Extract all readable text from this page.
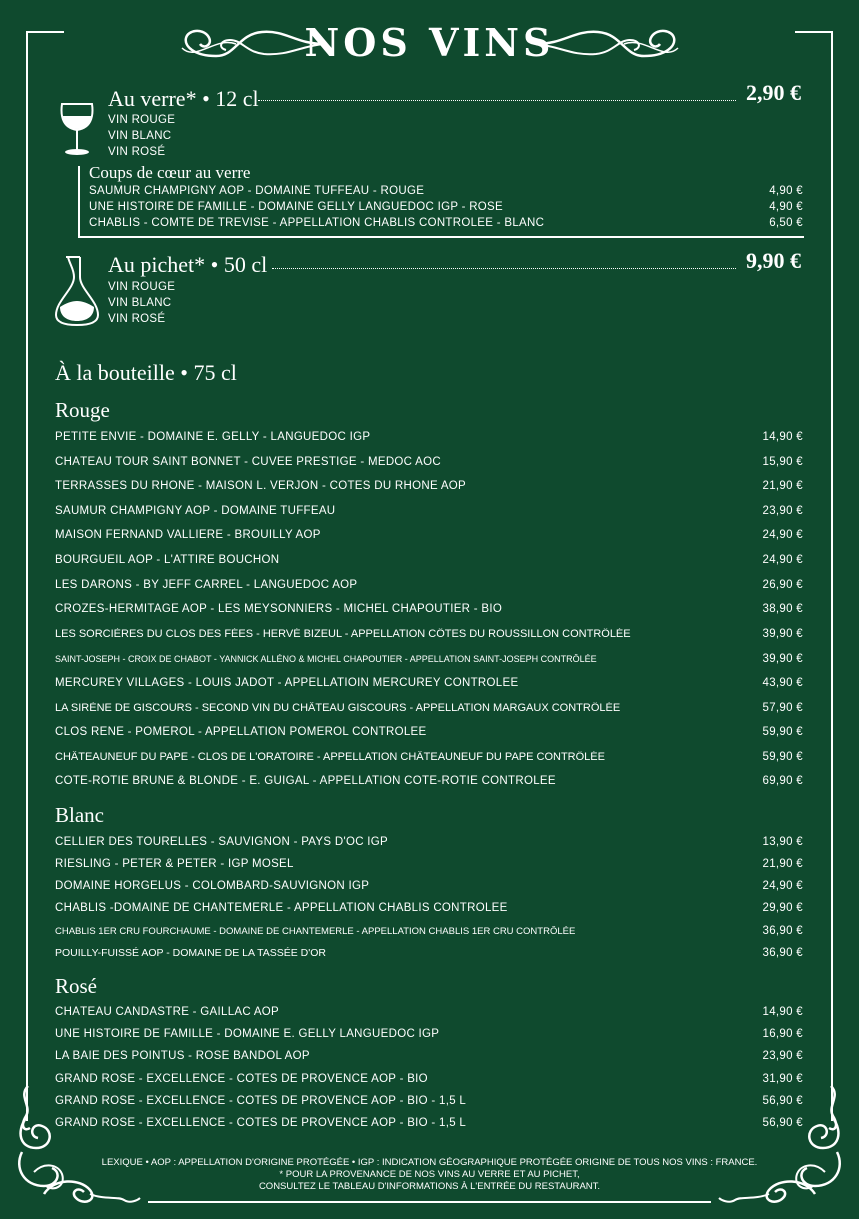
NOS VINS
Au verre* • 12 cl	2,90 €
VIN ROUGE
VIN BLANC
VIN ROSÉ
Coups de cœur au verre
SAUMUR CHAMPIGNY AOP - DOMAINE TUFFEAU - ROUGE	4,90 €
UNE HISTOIRE DE FAMILLE - DOMAINE GELLY LANGUEDOC IGP - ROSÉ	4,90 €
CHABLIS - COMTE DE TRÉVISE - APPELLATION CHABLIS CONTRÔLÉE - BLANC	6,50 €
Au pichet* • 50 cl	9,90 €
VIN ROUGE
VIN BLANC
VIN ROSÉ
À la bouteille • 75 cl
Rouge
PETITE ENVIE - DOMAINE É. GELLY - LANGUEDOC IGP	14,90 €
CHÂTEAU TOUR SAINT BONNET - CUVÉE PRESTIGE - MÉDOC AOC	15,90 €
TERRASSES DU RHÔNE - MAISON L. VERJON - CÔTES DU RHÔNE AOP	21,90 €
SAUMUR CHAMPIGNY AOP - DOMAINE TUFFEAU	23,90 €
MAISON FERNAND VALLIÈRE - BROUILLY AOP	24,90 €
BOURGUEIL AOP - L'ATTIRE BOUCHON	24,90 €
LES DARONS - BY JEFF CARREL - LANGUEDOC AOP	26,90 €
CROZES-HERMITAGE AOP - LES MEYSONNIERS - MICHEL CHAPOUTIER - BIO	38,90 €
LES SORCIÈRES DU CLOS DES FÉES - HERVÉ BIZEUL - APPELLATION CÔTES DU ROUSSILLON CONTRÔLÉE	39,90 €
SAINT-JOSEPH - CROIX DE CHABOT - YANNICK ALLÉNO & MICHEL CHAPOUTIER - APPELLATION SAINT-JOSEPH CONTRÔLÉE	39,90 €
MERCUREY VILLAGES - LOUIS JADOT - APPELLATIOIN MERCUREY CONTRÔLÉE	43,90 €
LA SIRÈNE DE GISCOURS - SECOND VIN DU CHÂTEAU GISCOURS - APPELLATION MARGAUX CONTRÔLÉE	57,90 €
CLOS RENÉ - POMEROL - APPELLATION POMEROL CONTRÔLÉE	59,90 €
CHÂTEAUNEUF DU PAPE - CLOS DE L'ORATOIRE - APPELLATION CHÂTEAUNEUF DU PAPE CONTRÔLÉE	59,90 €
CÔTE-RÔTIE BRUNE & BLONDE - E. GUIGAL - APPELLATION CÔTE-RÔTIE CONTRÔLÉE	69,90 €
Blanc
CELLIER DES TOURELLES - SAUVIGNON - PAYS D'OC IGP	13,90 €
RIESLING - PETER & PETER - IGP MOSEL	21,90 €
DOMAINE HORGELUS - COLOMBARD-SAUVIGNON IGP	24,90 €
CHABLIS -DOMAINE DE CHANTEMERLE - APPELLATION CHABLIS CONTRÔLÉE	29,90 €
CHABLIS 1ER CRU FOURCHAUME - DOMAINE DE CHANTEMERLE - APPELLATION CHABLIS 1ER CRU CONTRÔLÉE	36,90 €
POUILLY-FUISSÉ AOP - DOMAINE DE LA TASSÉE D'OR	36,90 €
Rosé
CHÂTEAU CANDASTRE - GAILLAC AOP	14,90 €
UNE HISTOIRE DE FAMILLE - DOMAINE É. GELLY LANGUEDOC IGP	16,90 €
LA BAIE DES POINTUS - ROSÉ BANDOL AOP	23,90 €
GRAND ROSÉ - EXCELLENCE - CÔTES DE PROVENCE AOP - BIO	31,90 €
GRAND ROSÉ - EXCELLENCE - CÔTES DE PROVENCE AOP - BIO - 1,5 L	56,90 €
GRAND ROSÉ - EXCELLENCE - CÔTES DE PROVENCE AOP - BIO - 1,5 L	56,90 €
LEXIQUE • AOP : APPELLATION D'ORIGINE PROTÉGÉE • IGP : INDICATION GÉOGRAPHIQUE PROTÉGÉE ORIGINE DE TOUS NOS VINS : FRANCE.
* POUR LA PROVENANCE DE NOS VINS AU VERRE ET AU PICHET,
CONSULTEZ LE TABLEAU D'INFORMATIONS À L'ENTRÉE DU RESTAURANT.
